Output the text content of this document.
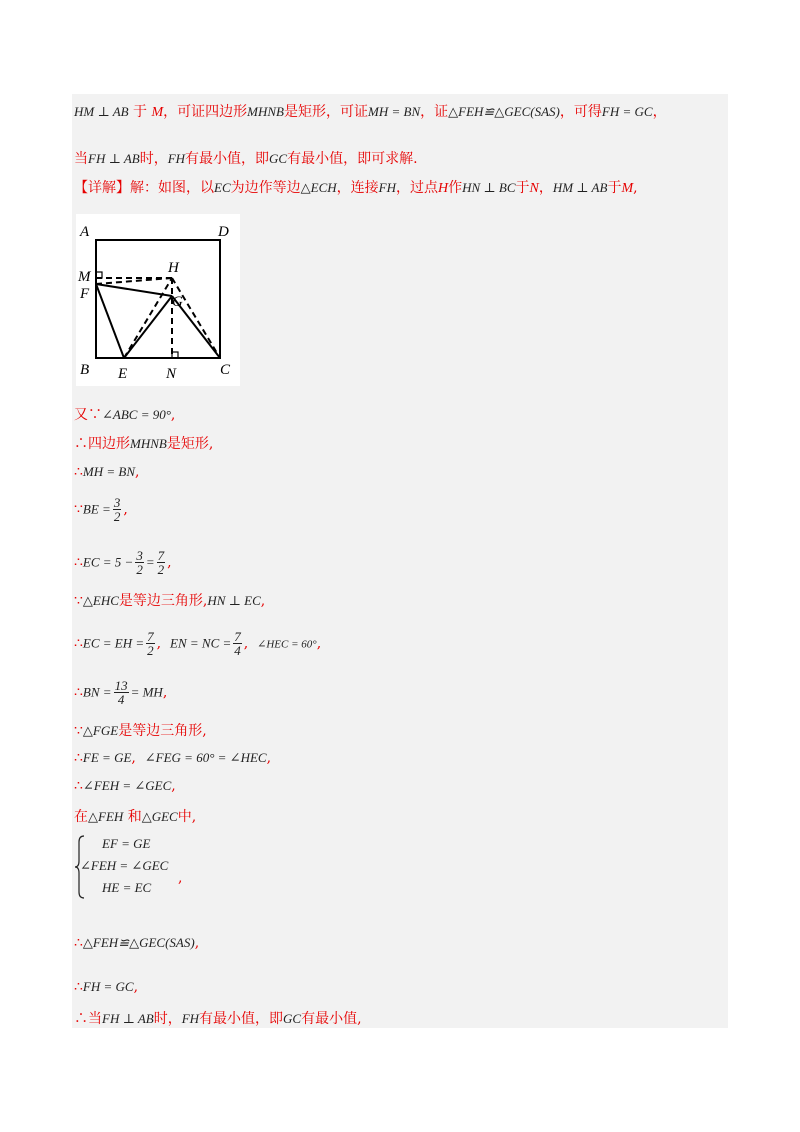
HM ⊥ AB 于 M，可证四边形MHNB是矩形，可证MH = BN，证△FEH≌△GEC(SAS)，可得FH = GC，
当FH ⊥ AB时，FH有最小值，即GC有最小值，即可求解.
【详解】解：如图，以EC为边作等边△ECH，连接FH，过点H作HN ⊥ BC于N，HM ⊥ AB于M,
A	D
M
F
H
G
B E	N	C
又∵∠ABC = 90°,
∴四边形MHNB是矩形,
∴MH = BN,
∵BE = $\frac{3}{2}$ ,
∴EC = $5 - \frac{3}{2} = \frac{7}{2}$ ,
∵△EHC是等边三角形,HN ⊥ EC,
∴EC = EH = $\frac{7}{2}$ , EN = NC = $\frac{7}{4}$ , ∠HEC = 60°,
∴BN = $\frac{13}{4}$ = MH,
∵△FGE是等边三角形,
∴FE = GE, ∠FEG = 60° = ∠HEC,
∴∠FEH = ∠GEC,
在△FEH 和△GEC中,
EF = GE
∠FEH = ∠GEC
HE = EC
,
∴△FEH≌△GEC(SAS),
∴FH = GC,
∴当FH ⊥ AB时，FH有最小值，即GC有最小值,
